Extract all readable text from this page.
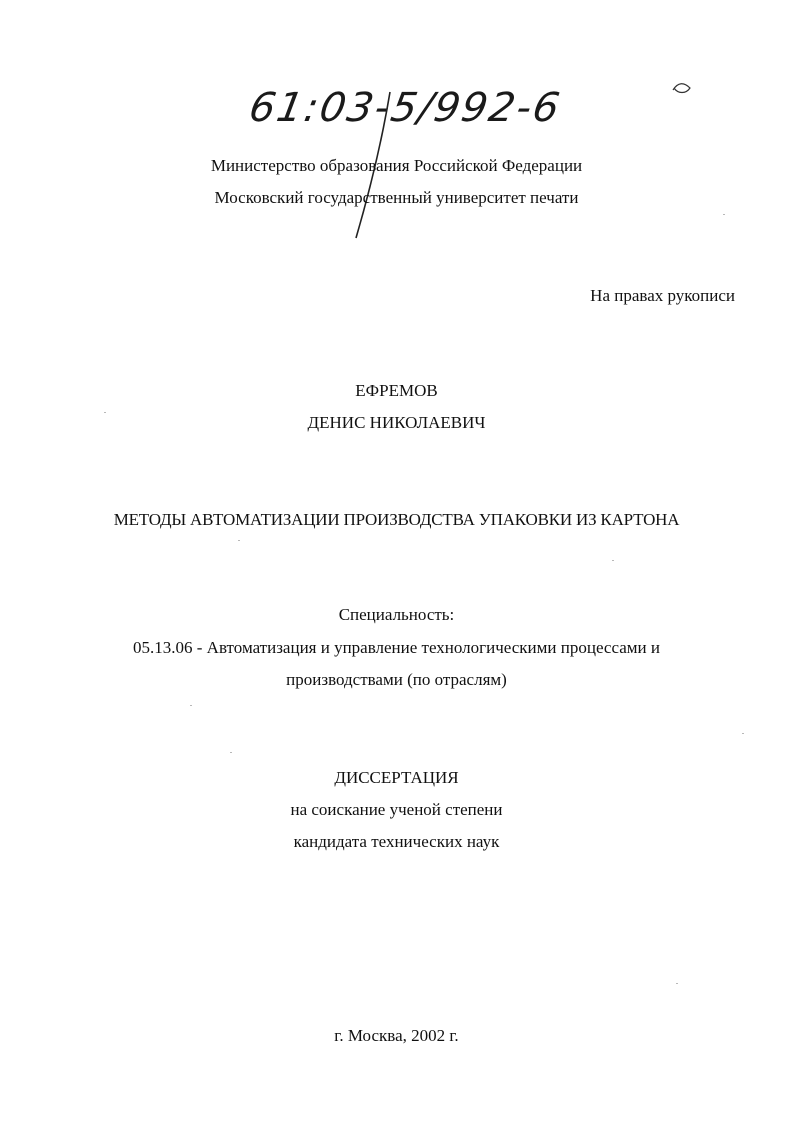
61:03-5/992-6
Министерство образования Российской Федерации
Московский государственный университет печати
На правах рукописи
ЕФРЕМОВ
ДЕНИС НИКОЛАЕВИЧ
МЕТОДЫ АВТОМАТИЗАЦИИ ПРОИЗВОДСТВА УПАКОВКИ ИЗ КАРТОНА
Специальность:
05.13.06 - Автоматизация и управление технологическими процессами и
производствами (по отраслям)
ДИССЕРТАЦИЯ
на соискание ученой степени
кандидата технических наук
г. Москва, 2002 г.
